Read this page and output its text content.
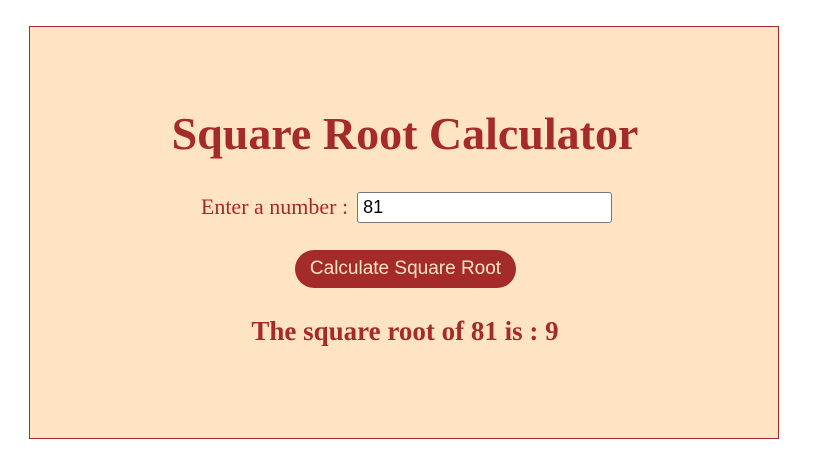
Square Root Calculator
Enter a number :
81
Calculate Square Root
The square root of 81 is : 9
